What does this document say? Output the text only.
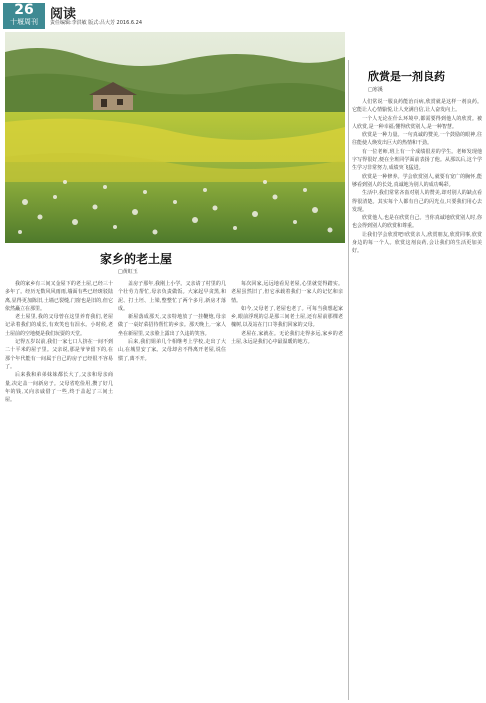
26
十堰周刊 阅读
责任编辑:李洪敏 版式:吕大芳 2016.6.24
家乡的老土屋
□黄虹玉

我的家乡有三间又金屋下的老土屋,已经三十多年了。经历无数风风雨雨,墙面有些已经斑驳陆离,显得更加陈旧,土墙已裂缝,门窗也是旧的,但它依然矗立在那里。

老土屋里,我的父母曾在这里养育我们,老屋记录着我们的成长,有欢笑也有泪水。小时候,老土屋前的空地便是我们玩耍的天堂。

记得五岁以前,我们一家七口人挤在一间不到二十平米的屋子里。父亲说,那是爷爷留下的,在那个年代能有一间属于自己的房子已经很不容易了。

后来我和弟弟妹妹都长大了,父亲和母亲商量,决定盖一间新房子。父母省吃俭用,攒了好几年的钱,又向亲戚借了一些,终于盖起了三间土屋。

盖房子那年,我刚上小学。父亲请了村里的几个壮劳力帮忙,母亲负责做饭。大家起早贪黑,和泥、打土坯、上梁,整整忙了两个多月,新房才落成。

新屋落成那天,父亲特地放了一挂鞭炮,母亲做了一桌好菜招待帮忙的乡亲。那天晚上,一家人坐在新屋里,父亲脸上露出了久违的笑容。

后来,我们姐弟几个相继考上学校,走出了大山,在城里安了家。父母却舍不得离开老屋,说住惯了,离不开。

每次回家,远远地看见老屋,心里就觉得踏实。老屋虽然旧了,但它承载着我们一家人的记忆和亲情。

如今,父母老了,老屋也老了。可每当我想起家乡,眼前浮现的总是那三间老土屋,还有屋前那棵老槐树,以及站在门口等我们回家的父母。

老屋在,家就在。无论我们走得多远,家乡的老土屋,永远是我们心中最温暖的地方。

欣赏是一剂良药
□寒溪

人们常说一服良药能治百病,欣赏就是这样一剂良药。它能让人心情愉悦,让人充满自信,让人奋发向上。

一个人无论在什么环境中,都需要得到他人的欣赏。被人欣赏,是一种幸福;懂得欣赏别人,是一种智慧。

欣赏是一种力量。一句真诚的赞美,一个鼓励的眼神,往往能使人焕发出巨大的热情和干劲。

有一位老师,班上有一个成绩很差的学生。老师发现他字写得很好,便在全班同学面前表扬了他。从那以后,这个学生学习非常努力,成绩突飞猛进。

欣赏是一种修养。学会欣赏别人,就要有宽广的胸怀,能够看到别人的长处,真诚地为别人的成功喝彩。

生活中,我们常常吝啬对别人的赞美,却对别人的缺点看得很清楚。其实每个人都有自己的闪光点,只要我们用心去发现。

欣赏他人,也是在欣赏自己。当你真诚地欣赏别人时,你也会得到别人的欣赏和尊重。

让我们学会欣赏吧!欣赏亲人,欣赏朋友,欣赏同事,欣赏身边的每一个人。欣赏这剂良药,会让我们的生活更加美好。
